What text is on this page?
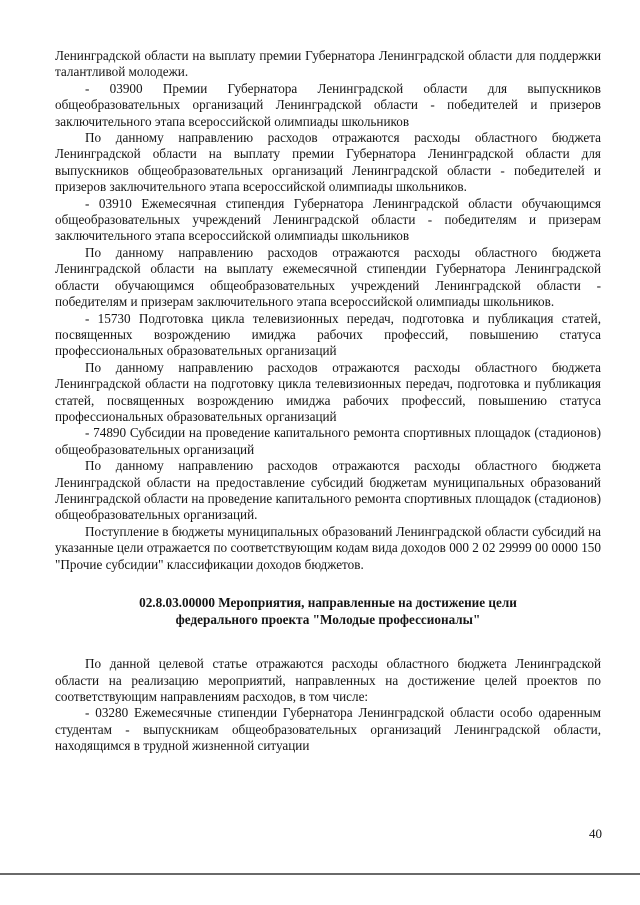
Ленинградской области на выплату премии Губернатора Ленинградской области для поддержки талантливой молодежи.

- 03900 Премии Губернатора Ленинградской области для выпускников общеобразовательных организаций Ленинградской области - победителей и призеров заключительного этапа всероссийской олимпиады школьников

По данному направлению расходов отражаются расходы областного бюджета Ленинградской области на выплату премии Губернатора Ленинградской области для выпускников общеобразовательных организаций Ленинградской области - победителей и призеров заключительного этапа всероссийской олимпиады школьников.

- 03910 Ежемесячная стипендия Губернатора Ленинградской области обучающимся общеобразовательных учреждений Ленинградской области - победителям и призерам заключительного этапа всероссийской олимпиады школьников

По данному направлению расходов отражаются расходы областного бюджета Ленинградской области на выплату ежемесячной стипендии Губернатора Ленинградской области обучающимся общеобразовательных учреждений Ленинградской области - победителям и призерам заключительного этапа всероссийской олимпиады школьников.

- 15730 Подготовка цикла телевизионных передач, подготовка и публикация статей, посвященных возрождению имиджа рабочих профессий, повышению статуса профессиональных образовательных организаций

По данному направлению расходов отражаются расходы областного бюджета Ленинградской области на подготовку цикла телевизионных передач, подготовка и публикация статей, посвященных возрождению имиджа рабочих профессий, повышению статуса профессиональных образовательных организаций

- 74890 Субсидии на проведение капитального ремонта спортивных площадок (стадионов) общеобразовательных организаций

По данному направлению расходов отражаются расходы областного бюджета Ленинградской области на предоставление субсидий бюджетам муниципальных образований Ленинградской области на проведение капитального ремонта спортивных площадок (стадионов) общеобразовательных организаций.

Поступление в бюджеты муниципальных образований Ленинградской области субсидий на указанные цели отражается по соответствующим кодам вида доходов 000 2 02 29999 00 0000 150 "Прочие субсидии" классификации доходов бюджетов.

02.8.03.00000 Мероприятия, направленные на достижение цели

федерального проекта "Молодые профессионалы"

По данной целевой статье отражаются расходы областного бюджета Ленинградской области на реализацию мероприятий, направленных на достижение целей проектов по соответствующим направлениям расходов, в том числе:

- 03280 Ежемесячные стипендии Губернатора Ленинградской области особо одаренным студентам - выпускникам общеобразовательных организаций Ленинградской области, находящимся в трудной жизненной ситуации

40
